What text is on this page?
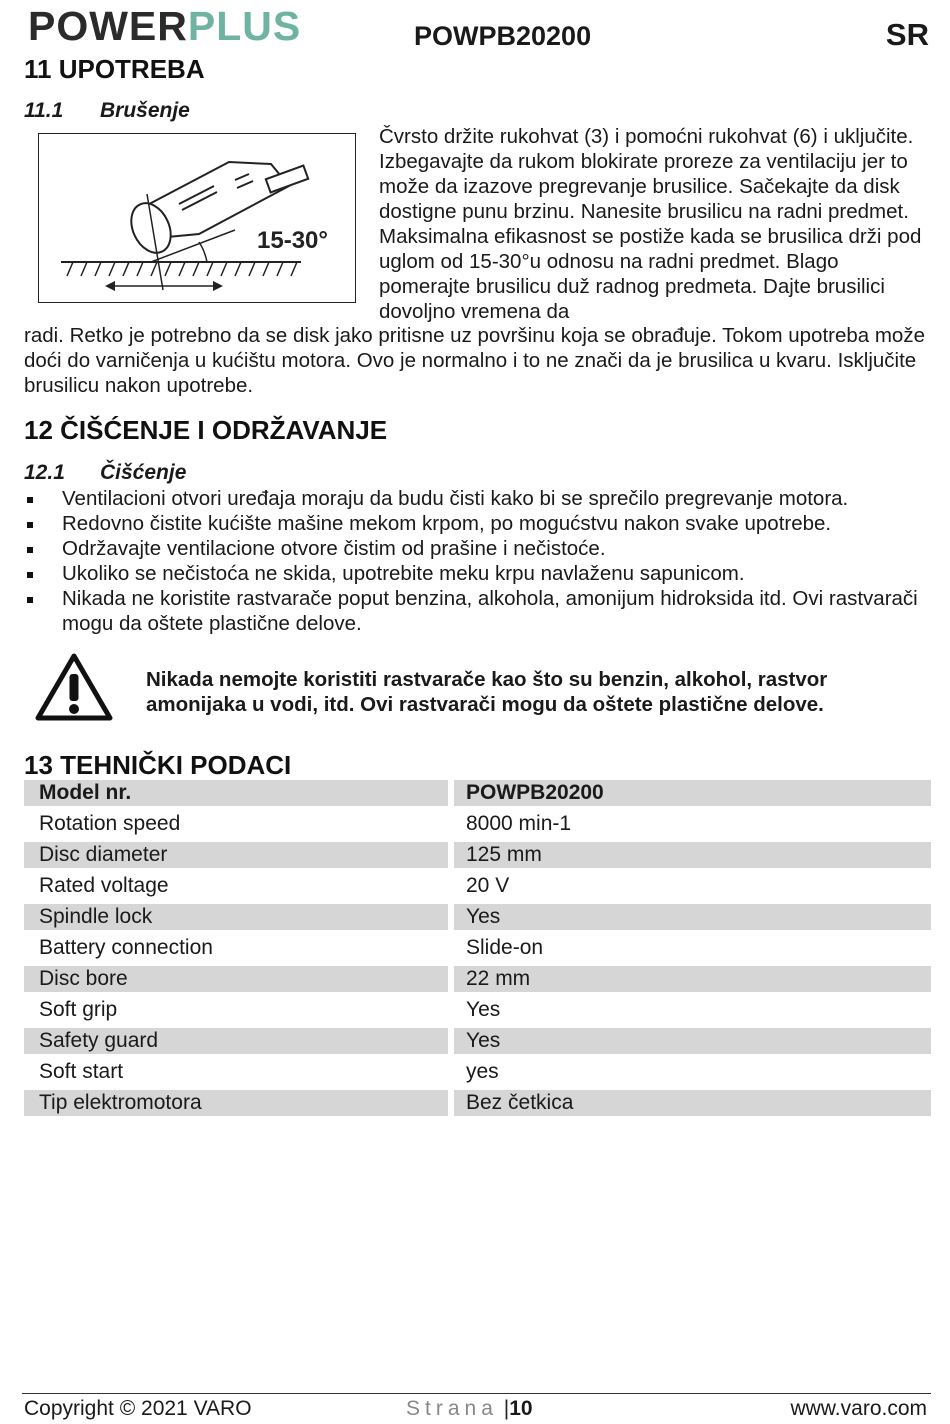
POWERPLUS	POWPB20200	SR
11 UPOTREBA
11.1 Brušenje
15-30°
Čvrsto držite rukohvat (3) i pomoćni rukohvat (6) i uključite. Izbegavajte da rukom blokirate proreze za ventilaciju jer to može da izazove pregrevanje brusilice. Sačekajte da disk dostigne punu brzinu. Nanesite brusilicu na radni predmet. Maksimalna efikasnost se postiže kada se brusilica drži pod uglom od 15-30°u odnosu na radni predmet. Blago pomerajte brusilicu duž radnog predmeta. Dajte brusilici dovoljno vremena da
radi. Retko je potrebno da se disk jako pritisne uz površinu koja se obrađuje. Tokom upotreba može doći do varničenja u kućištu motora. Ovo je normalno i to ne znači da je brusilica u kvaru. Isključite brusilicu nakon upotrebe.
12 ČIŠĆENJE I ODRŽAVANJE
12.1 Čišćenje
Ventilacioni otvori uređaja moraju da budu čisti kako bi se sprečilo pregrevanje motora.
Redovno čistite kućište mašine mekom krpom, po mogućstvu nakon svake upotrebe.
Održavajte ventilacione otvore čistim od prašine i nečistoće.
Ukoliko se nečistoća ne skida, upotrebite meku krpu navlaženu sapunicom.
Nikada ne koristite rastvarače poput benzina, alkohola, amonijum hidroksida itd. Ovi rastvarači mogu da oštete plastične delove.
Nikada nemojte koristiti rastvarače kao što su benzin, alkohol, rastvor amonijaka u vodi, itd. Ovi rastvarači mogu da oštete plastične delove.
13 TEHNIČKI PODACI
Model nr.	POWPB20200
Rotation speed	8000 min-1
Disc diameter	125 mm
Rated voltage	20 V
Spindle lock	Yes
Battery connection	Slide-on
Disc bore	22 mm
Soft grip	Yes
Safety guard	Yes
Soft start	yes
Tip elektromotora	Bez četkica
Copyright © 2021 VARO	Strana |10	www.varo.com
